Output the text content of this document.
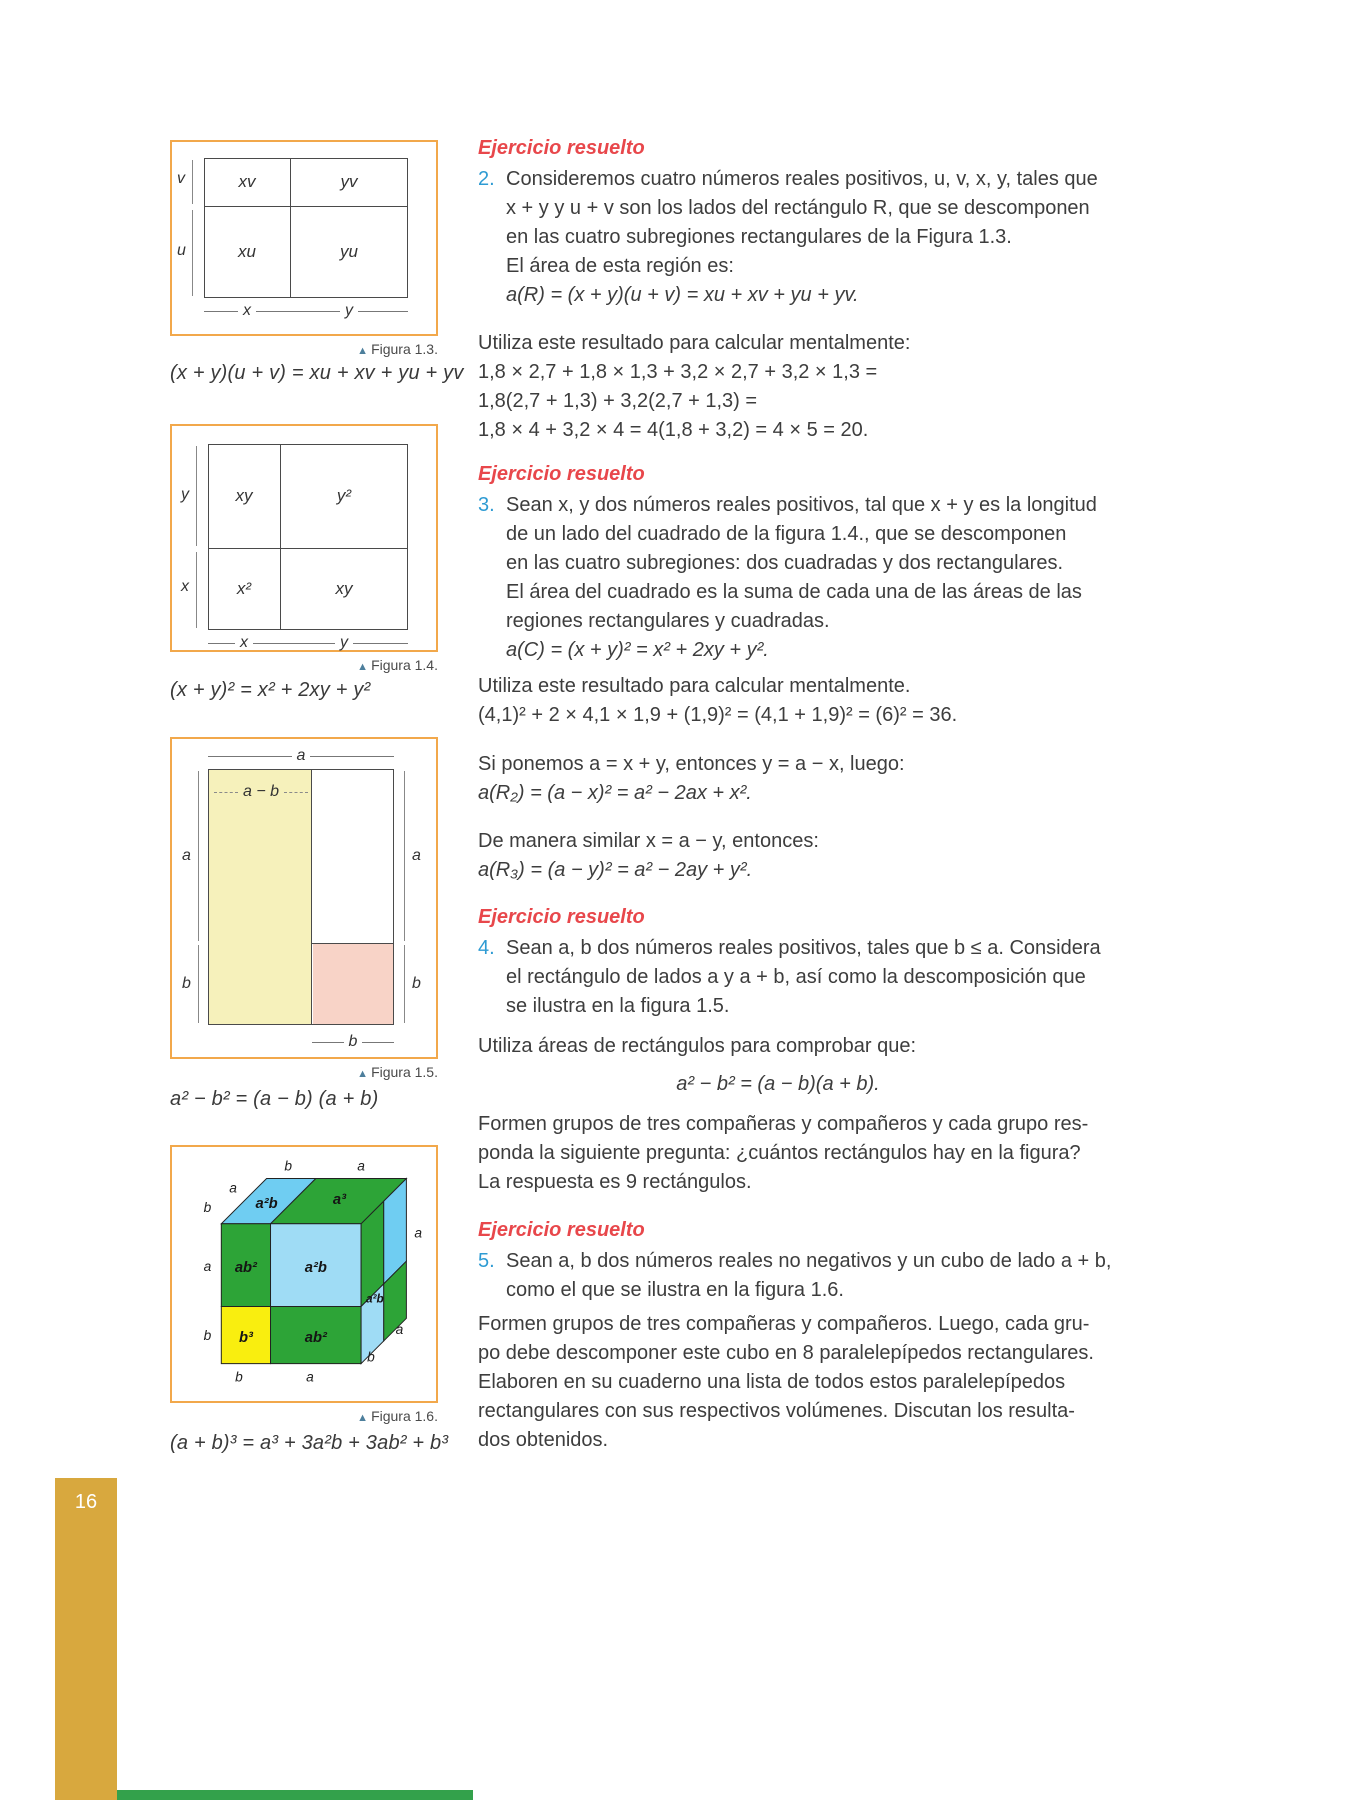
xv	yv
xu	yu
v
u
x	y
▲ Figura 1.3.
(x + y)(u + v) = xu + xv + yu + yv
xy	y²
x²	xy
y
x
x	y
▲ Figura 1.4.
(x + y)² = x² + 2xy + y²
a
a − b
a
b
a
b
b
▲ Figura 1.5.
a² − b² = (a − b) (a + b)
a²b	a³
ab²	a²b
b³	ab²
a²b
b	a
a
b
a
b
b	a
b
a
a
▲ Figura 1.6.
(a + b)³ = a³ + 3a²b + 3ab² + b³
Ejercicio resuelto
2. Consideremos cuatro números reales positivos, u, v, x, y, tales que
x + y y u + v son los lados del rectángulo R, que se descomponen
en las cuatro subregiones rectangulares de la Figura 1.3.
El área de esta región es:
a(R) = (x + y)(u + v) = xu + xv + yu + yv.
Utiliza este resultado para calcular mentalmente:
1,8 × 2,7 + 1,8 × 1,3 + 3,2 × 2,7 + 3,2 × 1,3 =
1,8(2,7 + 1,3) + 3,2(2,7 + 1,3) =
1,8 × 4 + 3,2 × 4 = 4(1,8 + 3,2) = 4 × 5 = 20.
Ejercicio resuelto
3. Sean x, y dos números reales positivos, tal que x + y es la longitud
de un lado del cuadrado de la figura 1.4., que se descomponen
en las cuatro subregiones: dos cuadradas y dos rectangulares.
El área del cuadrado es la suma de cada una de las áreas de las
regiones rectangulares y cuadradas.
a(C) = (x + y)² = x² + 2xy + y².
Utiliza este resultado para calcular mentalmente.
(4,1)² + 2 × 4,1 × 1,9 + (1,9)² = (4,1 + 1,9)² = (6)² = 36.
Si ponemos a = x + y, entonces y = a − x, luego:
a(R₂) = (a − x)² = a² − 2ax + x².
De manera similar x = a − y, entonces:
a(R₃) = (a − y)² = a² − 2ay + y².
Ejercicio resuelto
4. Sean a, b dos números reales positivos, tales que b ≤ a. Considera
el rectángulo de lados a y a + b, así como la descomposición que
se ilustra en la figura 1.5.
Utiliza áreas de rectángulos para comprobar que:
a² − b² = (a − b)(a + b).
Formen grupos de tres compañeras y compañeros y cada grupo res-
ponda la siguiente pregunta: ¿cuántos rectángulos hay en la figura?
La respuesta es 9 rectángulos.
Ejercicio resuelto
5. Sean a, b dos números reales no negativos y un cubo de lado a + b,
como el que se ilustra en la figura 1.6.
Formen grupos de tres compañeras y compañeros. Luego, cada gru-
po debe descomponer este cubo en 8 paralelepípedos rectangulares.
Elaboren en su cuaderno una lista de todos estos paralelepípedos
rectangulares con sus respectivos volúmenes. Discutan los resulta-
dos obtenidos.
16
